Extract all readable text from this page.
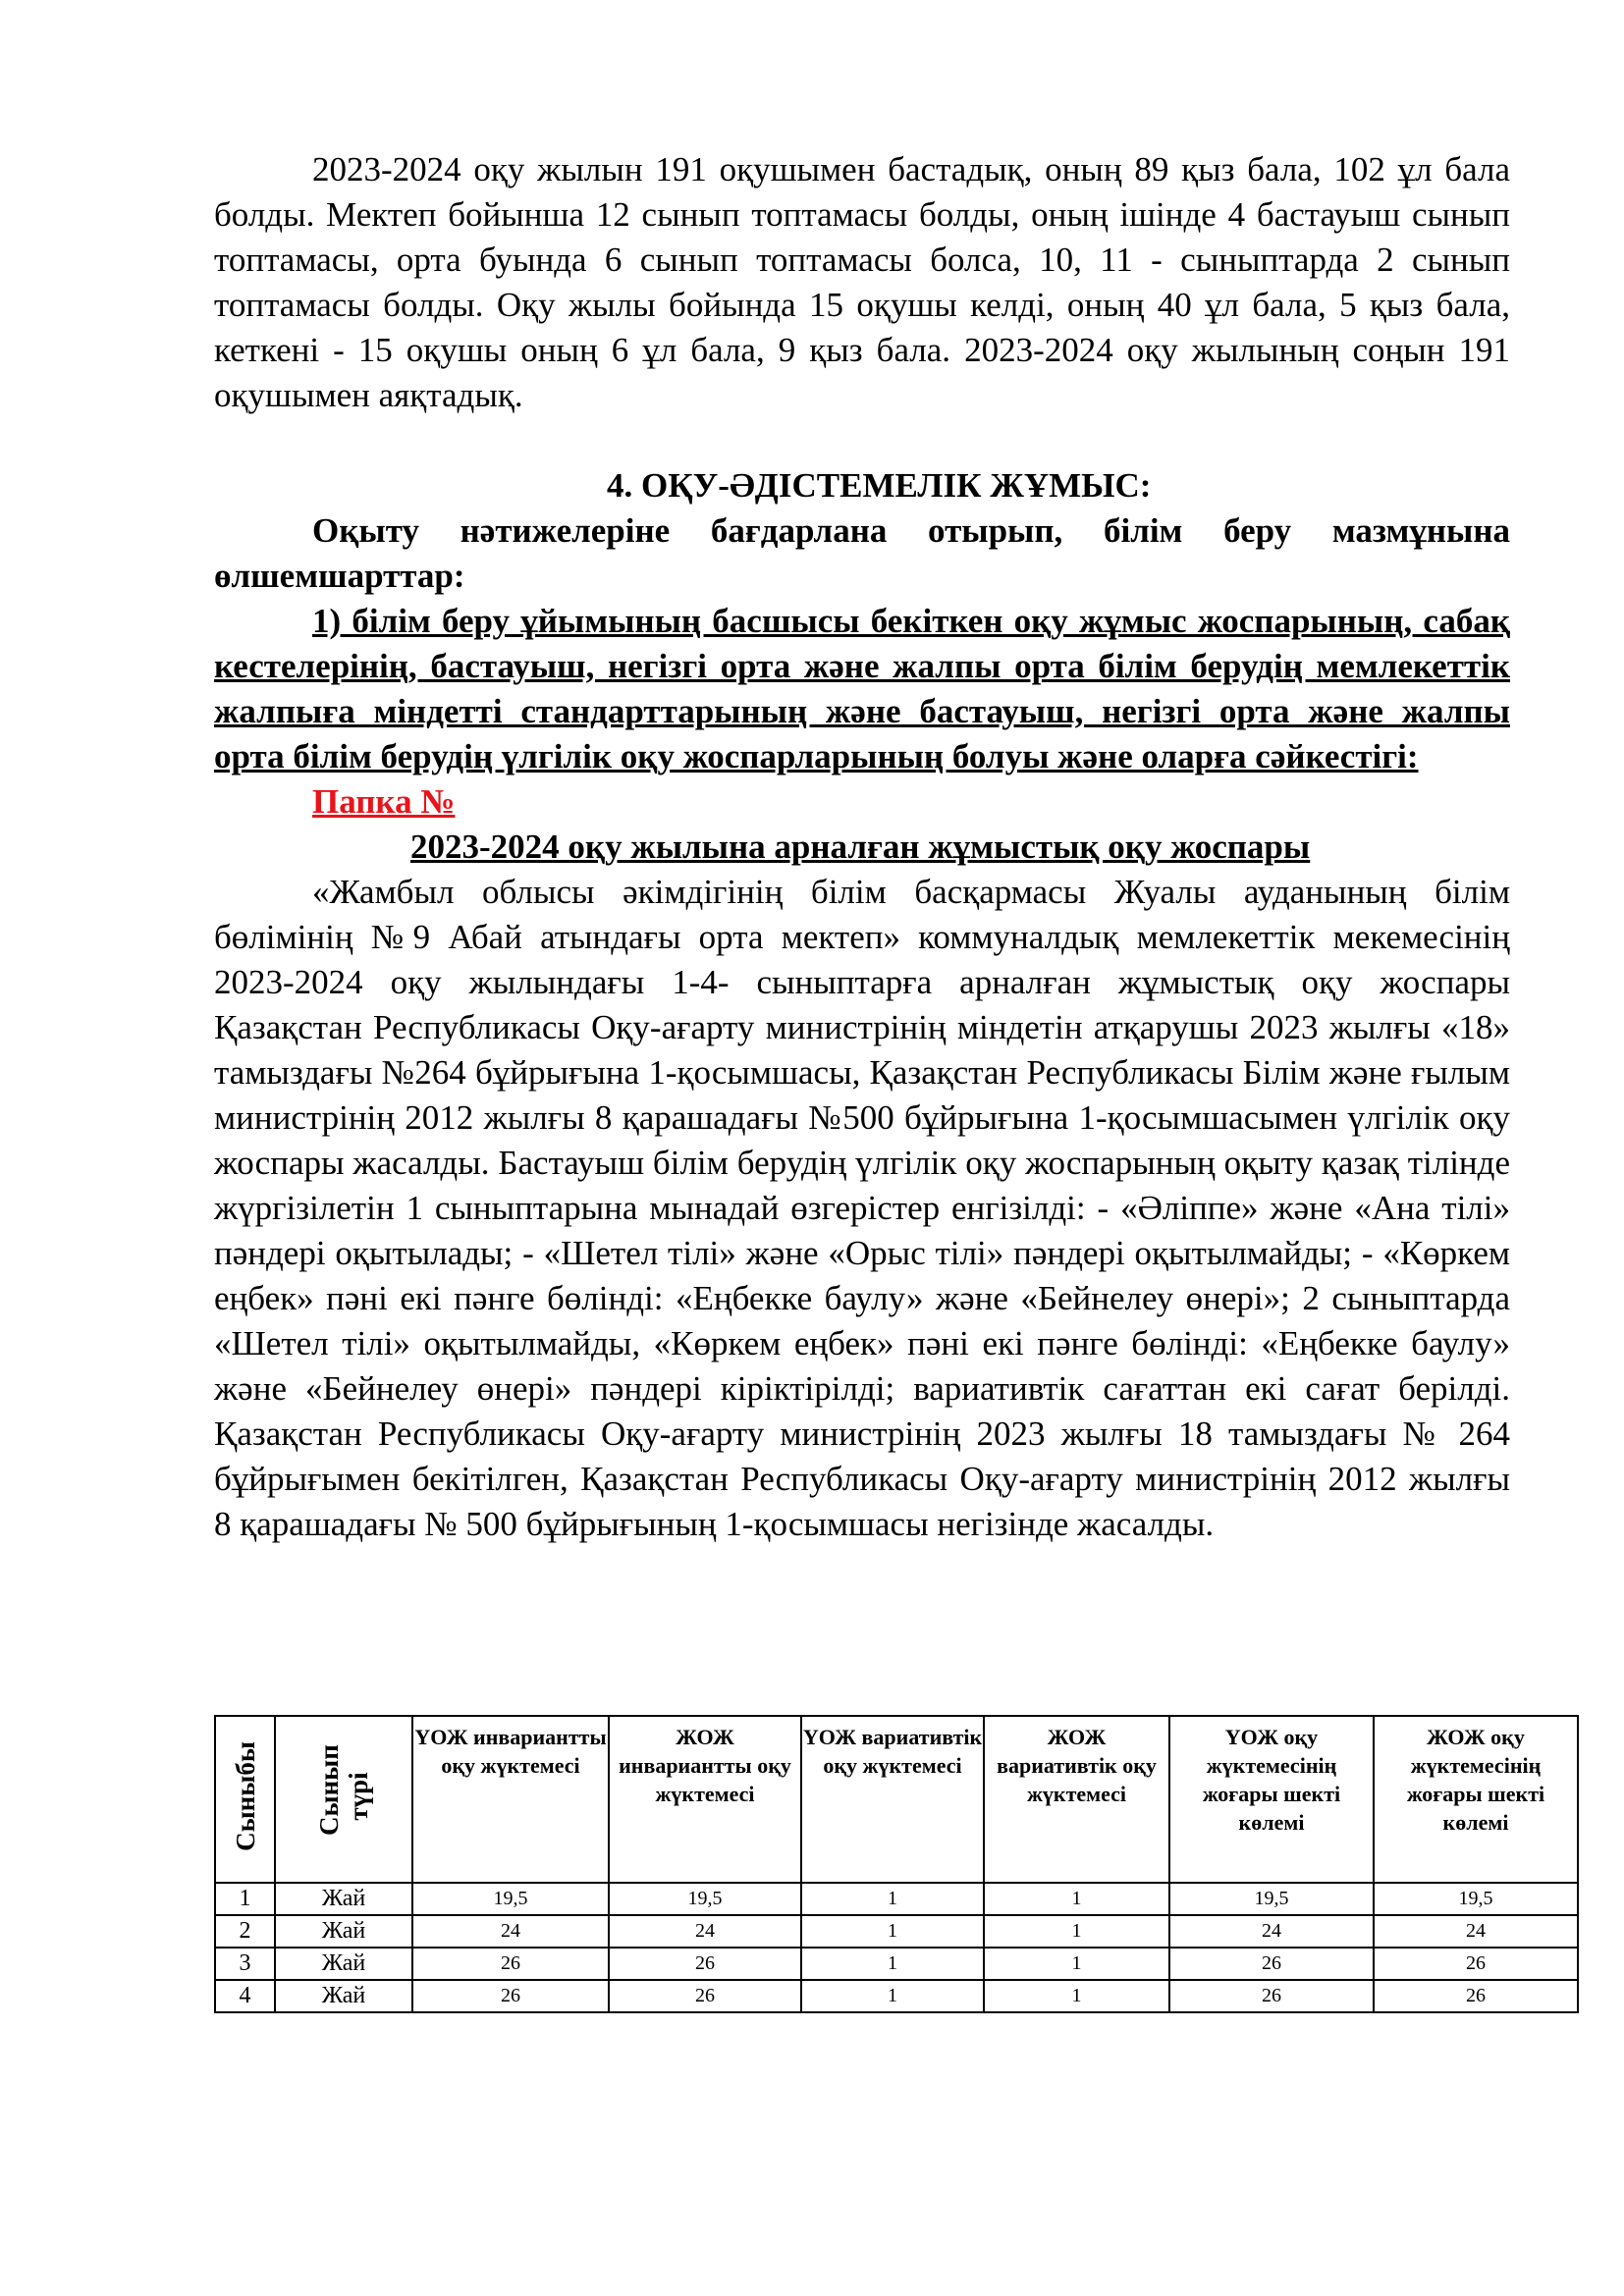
2023-2024 оқу жылын 191 оқушымен бастадық, оның 89 қыз бала, 102 ұл бала болды. Мектеп бойынша 12 сынып топтамасы болды, оның ішінде 4 бастауыш сынып топтамасы, орта буында 6 сынып топтамасы болса, 10, 11 - сыныптарда 2 сынып топтамасы болды. Оқу жылы бойында 15 оқушы келді, оның 40 ұл бала, 5 қыз бала, кеткені - 15 оқушы оның 6 ұл бала, 9 қыз бала. 2023-2024 оқу жылының соңын 191 оқушымен аяқтадық.

4. ОҚУ-ӘДІСТЕМЕЛІК ЖҰМЫС:

Оқыту нәтижелеріне бағдарлана отырып, білім беру мазмұнына өлшемшарттар:

1) білім беру ұйымының басшысы бекіткен оқу жұмыс жоспарының, сабақ кестелерінің, бастауыш, негізгі орта және жалпы орта білім берудің мемлекеттік жалпыға міндетті стандарттарының және бастауыш, негізгі орта және жалпы орта білім берудің үлгілік оқу жоспарларының болуы және оларға сәйкестігі:

Папка №

2023-2024 оқу жылына арналған жұмыстық оқу жоспары

«Жамбыл облысы әкімдігінің білім басқармасы Жуалы ауданының білім бөлімінің №9 Абай атындағы орта мектеп» коммуналдық мемлекеттік мекемесінің 2023-2024 оқу жылындағы 1-4- сыныптарға арналған жұмыстық оқу жоспары Қазақстан Республикасы Оқу-ағарту министрінің міндетін атқарушы 2023 жылғы «18» тамыздағы №264 бұйрығына 1-қосымшасы, Қазақстан Республикасы Білім және ғылым министрінің 2012 жылғы 8 қарашадағы №500 бұйрығына 1-қосымшасымен үлгілік оқу жоспары жасалды. Бастауыш білім берудің үлгілік оқу жоспарының оқыту қазақ тілінде жүргізілетін 1 сыныптарына мынадай өзгерістер енгізілді: - «Әліппе» және «Ана тілі» пәндері оқытылады; - «Шетел тілі» және «Орыс тілі» пәндері оқытылмайды; - «Көркем еңбек» пәні екі пәнге бөлінді: «Еңбекке баулу» және «Бейнелеу өнері»; 2 сыныптарда «Шетел тілі» оқытылмайды, «Көркем еңбек» пәні екі пәнге бөлінді: «Еңбекке баулу» және «Бейнелеу өнері» пәндері кіріктірілді; вариативтік сағаттан екі сағат берілді. Қазақстан Республикасы Оқу-ағарту министрінің 2023 жылғы 18 тамыздағы № 264 бұйрығымен бекітілген, Қазақстан Республикасы Оқу-ағарту министрінің 2012 жылғы 8 қарашадағы № 500 бұйрығының 1-қосымшасы негізінде жасалды.

Сыныбы	Сынып түрі	ҮОЖ инвариантты оқу жүктемесі	ЖОЖ инвариантты оқу жүктемесі	ҮОЖ вариативтік оқу жүктемесі	ЖОЖ вариативтік оқу жүктемесі	ҮОЖ оқу жүктемесінің жоғары шекті көлемі	ЖОЖ оқу жүктемесінің жоғары шекті көлемі
1	Жай	19,5	19,5	1	1	19,5	19,5
2	Жай	24	24	1	1	24	24
3	Жай	26	26	1	1	26	26
4	Жай	26	26	1	1	26	26
